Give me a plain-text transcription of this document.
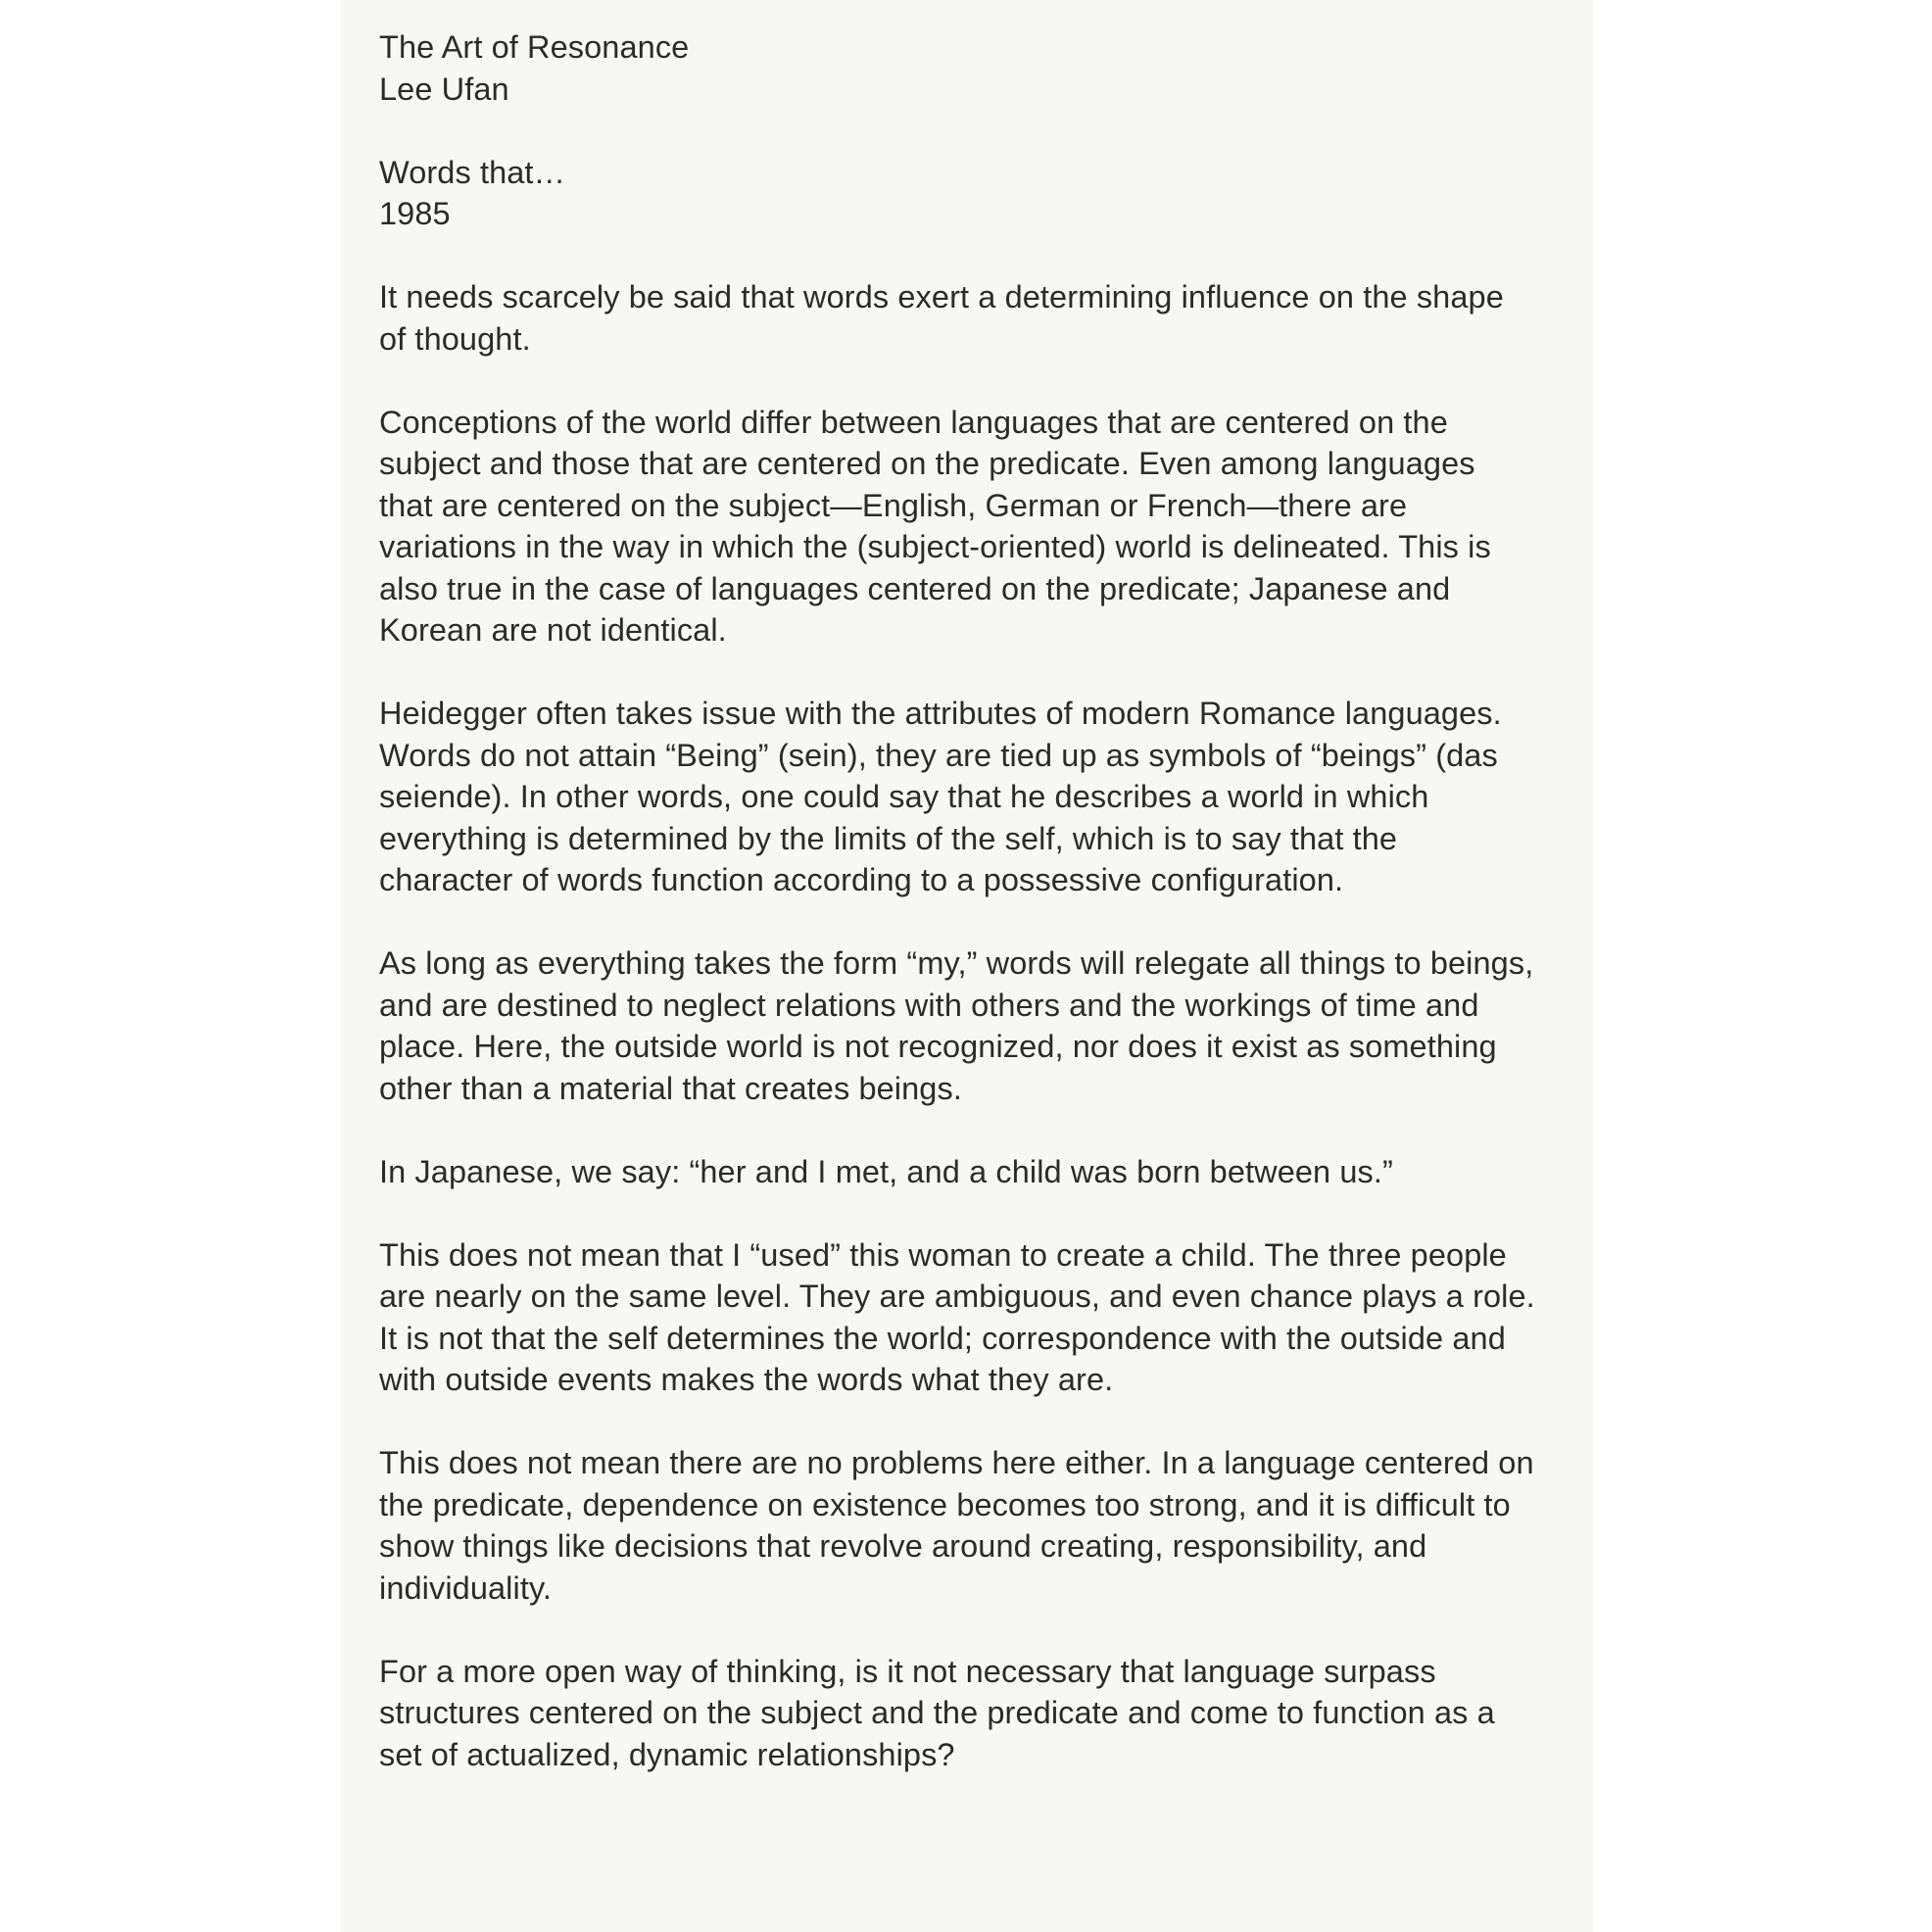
The Art of Resonance
Lee Ufan
Words that…
1985

It needs scarcely be said that words exert a determining influence on the shape of thought.

Conceptions of the world differ between languages that are centered on the subject and those that are centered on the predicate. Even among languages that are centered on the subject—English, German or French—there are variations in the way in which the (subject-oriented) world is delineated. This is also true in the case of languages centered on the predicate; Japanese and Korean are not identical.

Heidegger often takes issue with the attributes of modern Romance languages. Words do not attain “Being” (sein), they are tied up as symbols of “beings” (das seiende). In other words, one could say that he describes a world in which everything is determined by the limits of the self, which is to say that the character of words function according to a possessive configuration.

As long as everything takes the form “my,” words will relegate all things to beings, and are destined to neglect relations with others and the workings of time and place. Here, the outside world is not recognized, nor does it exist as something other than a material that creates beings.

In Japanese, we say: “her and I met, and a child was born between us.”

This does not mean that I “used” this woman to create a child. The three people are nearly on the same level. They are ambiguous, and even chance plays a role. It is not that the self determines the world; correspondence with the outside and with outside events makes the words what they are.

This does not mean there are no problems here either. In a language centered on the predicate, dependence on existence becomes too strong, and it is difficult to show things like decisions that revolve around creating, responsibility, and individuality.

For a more open way of thinking, is it not necessary that language surpass structures centered on the subject and the predicate and come to function as a set of actualized, dynamic relationships?
